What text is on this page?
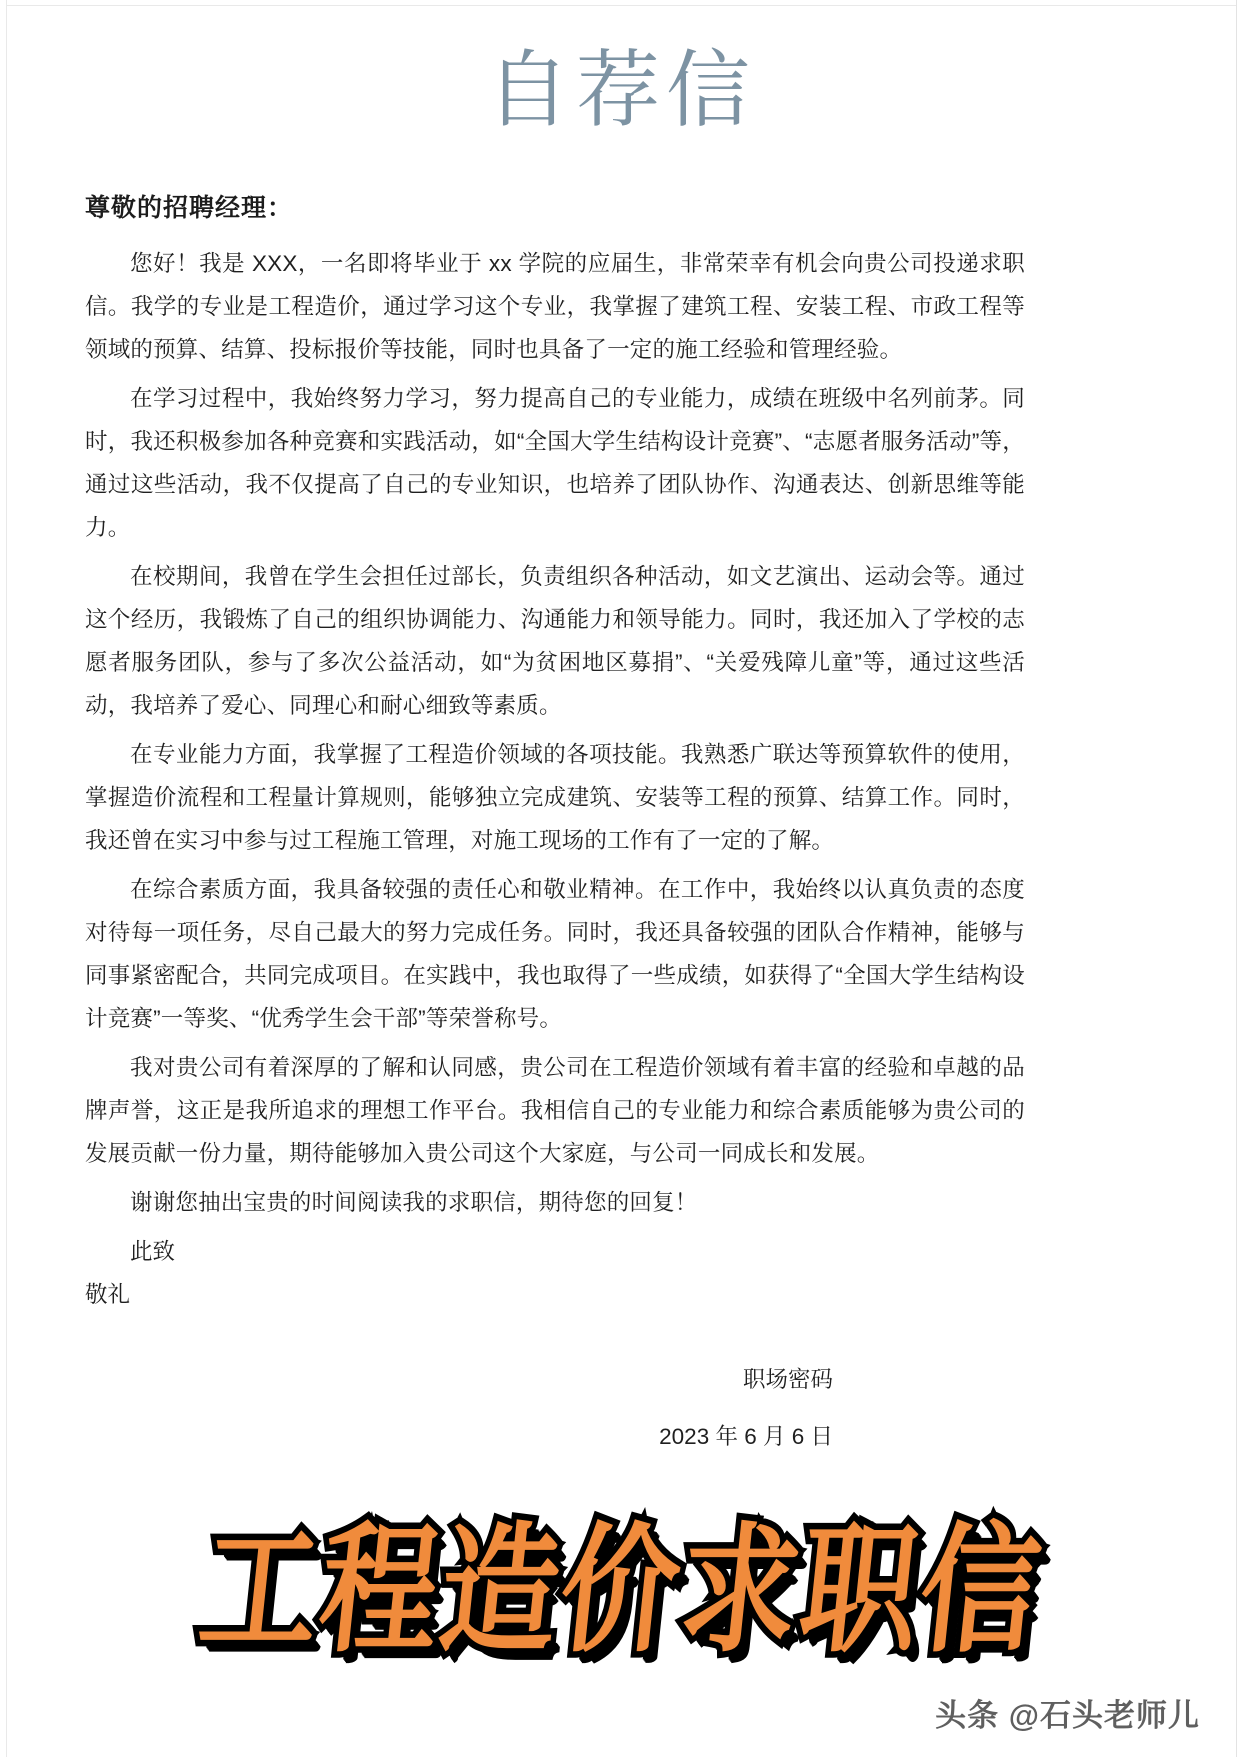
自荐信
尊敬的招聘经理：

您好！我是 XXX，一名即将毕业于 xx 学院的应届生，非常荣幸有机会向贵公司投递求职信。我学的专业是工程造价，通过学习这个专业，我掌握了建筑工程、安装工程、市政工程等领域的预算、结算、投标报价等技能，同时也具备了一定的施工经验和管理经验。

在学习过程中，我始终努力学习，努力提高自己的专业能力，成绩在班级中名列前茅。同时，我还积极参加各种竞赛和实践活动，如“全国大学生结构设计竞赛”、“志愿者服务活动”等，通过这些活动，我不仅提高了自己的专业知识，也培养了团队协作、沟通表达、创新思维等能力。

在校期间，我曾在学生会担任过部长，负责组织各种活动，如文艺演出、运动会等。通过这个经历，我锻炼了自己的组织协调能力、沟通能力和领导能力。同时，我还加入了学校的志愿者服务团队，参与了多次公益活动，如“为贫困地区募捐”、“关爱残障儿童”等，通过这些活动，我培养了爱心、同理心和耐心细致等素质。

在专业能力方面，我掌握了工程造价领域的各项技能。我熟悉广联达等预算软件的使用，掌握造价流程和工程量计算规则，能够独立完成建筑、安装等工程的预算、结算工作。同时，我还曾在实习中参与过工程施工管理，对施工现场的工作有了一定的了解。

在综合素质方面，我具备较强的责任心和敬业精神。在工作中，我始终以认真负责的态度对待每一项任务，尽自己最大的努力完成任务。同时，我还具备较强的团队合作精神，能够与同事紧密配合，共同完成项目。在实践中，我也取得了一些成绩，如获得了“全国大学生结构设计竞赛”一等奖、“优秀学生会干部”等荣誉称号。

我对贵公司有着深厚的了解和认同感，贵公司在工程造价领域有着丰富的经验和卓越的品牌声誉，这正是我所追求的理想工作平台。我相信自己的专业能力和综合素质能够为贵公司的发展贡献一份力量，期待能够加入贵公司这个大家庭，与公司一同成长和发展。

谢谢您抽出宝贵的时间阅读我的求职信，期待您的回复！

此致
敬礼
职场密码
2023 年 6 月 6 日
工程造价求职信
头条 @石头老师儿
